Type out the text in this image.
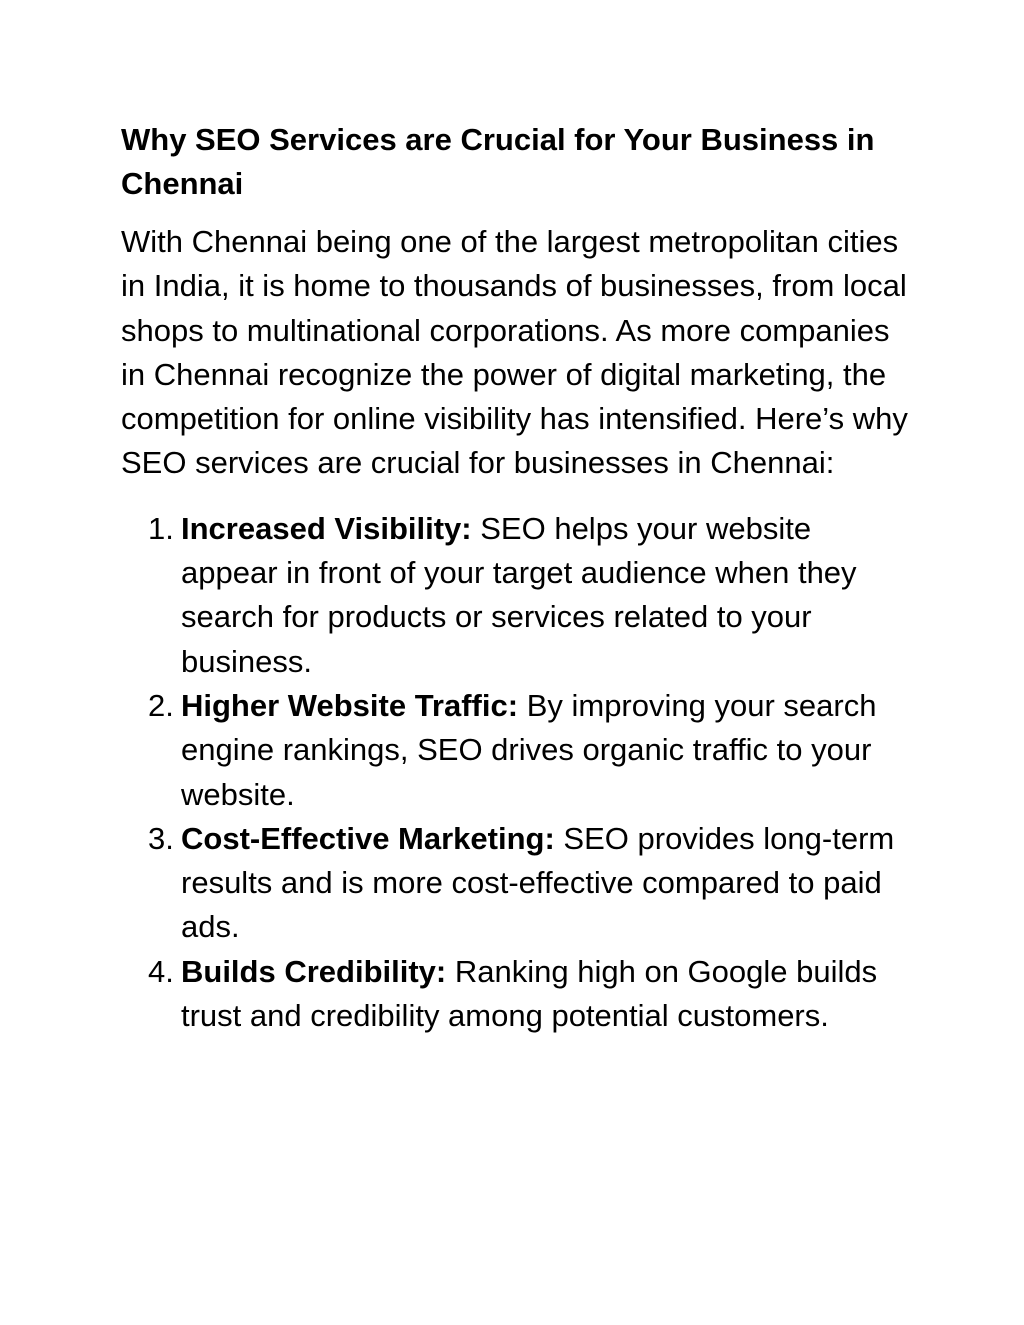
Why SEO Services are Crucial for Your Business in Chennai

With Chennai being one of the largest metropolitan cities in India, it is home to thousands of businesses, from local shops to multinational corporations. As more companies in Chennai recognize the power of digital marketing, the competition for online visibility has intensified. Here’s why SEO services are crucial for businesses in Chennai:

1. Increased Visibility: SEO helps your website appear in front of your target audience when they search for products or services related to your business.
2. Higher Website Traffic: By improving your search engine rankings, SEO drives organic traffic to your website.
3. Cost-Effective Marketing: SEO provides long-term results and is more cost-effective compared to paid ads.
4. Builds Credibility: Ranking high on Google builds trust and credibility among potential customers.
